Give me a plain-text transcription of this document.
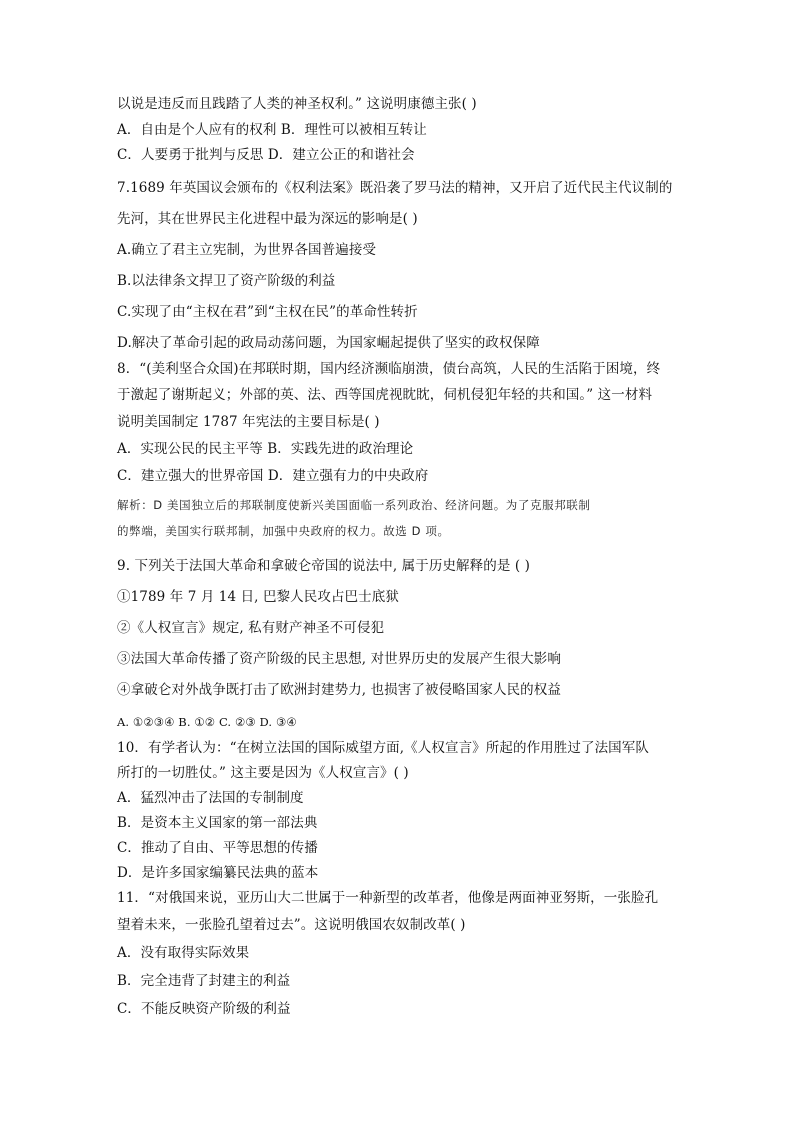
以说是违反而且践踏了人类的神圣权利。” 这说明康德主张( )
A．自由是个人应有的权利 B．理性可以被相互转让
C．人要勇于批判与反思 D．建立公正的和谐社会
7.1689 年英国议会颁布的《权利法案》既沿袭了罗马法的精神，又开启了近代民主代议制的
先河，其在世界民主化进程中最为深远的影响是( )
A.确立了君主立宪制，为世界各国普遍接受
B.以法律条文捍卫了资产阶级的利益
C.实现了由“主权在君”到“主权在民”的革命性转折
D.解决了革命引起的政局动荡问题，为国家崛起提供了坚实的政权保障
8．“(美利坚合众国)在邦联时期，国内经济濒临崩溃，债台高筑，人民的生活陷于困境，终
于激起了谢斯起义；外部的英、法、西等国虎视眈眈，伺机侵犯年轻的共和国。” 这一材料
说明美国制定 1787 年宪法的主要目标是( )
A．实现公民的民主平等 B．实践先进的政治理论
C．建立强大的世界帝国 D．建立强有力的中央政府
解析：D 美国独立后的邦联制度使新兴美国面临一系列政治、经济问题。为了克服邦联制
的弊端，美国实行联邦制，加强中央政府的权力。故选 D 项。
9. 下列关于法国大革命和拿破仑帝国的说法中, 属于历史解释的是 ( )
①1789 年 7 月 14 日, 巴黎人民攻占巴士底狱
②《人权宣言》规定, 私有财产神圣不可侵犯
③法国大革命传播了资产阶级的民主思想, 对世界历史的发展产生很大影响
④拿破仑对外战争既打击了欧洲封建势力, 也损害了被侵略国家人民的权益
A. ①②③④ B. ①② C. ②③ D. ③④
10．有学者认为：“在树立法国的国际威望方面,《人权宣言》所起的作用胜过了法国军队
所打的一切胜仗。” 这主要是因为《人权宣言》( )
A．猛烈冲击了法国的专制制度
B．是资本主义国家的第一部法典
C．推动了自由、平等思想的传播
D．是许多国家编纂民法典的蓝本
11．“对俄国来说，亚历山大二世属于一种新型的改革者，他像是两面神亚努斯，一张脸孔
望着未来，一张脸孔望着过去”。这说明俄国农奴制改革( )
A．没有取得实际效果
B．完全违背了封建主的利益
C．不能反映资产阶级的利益
